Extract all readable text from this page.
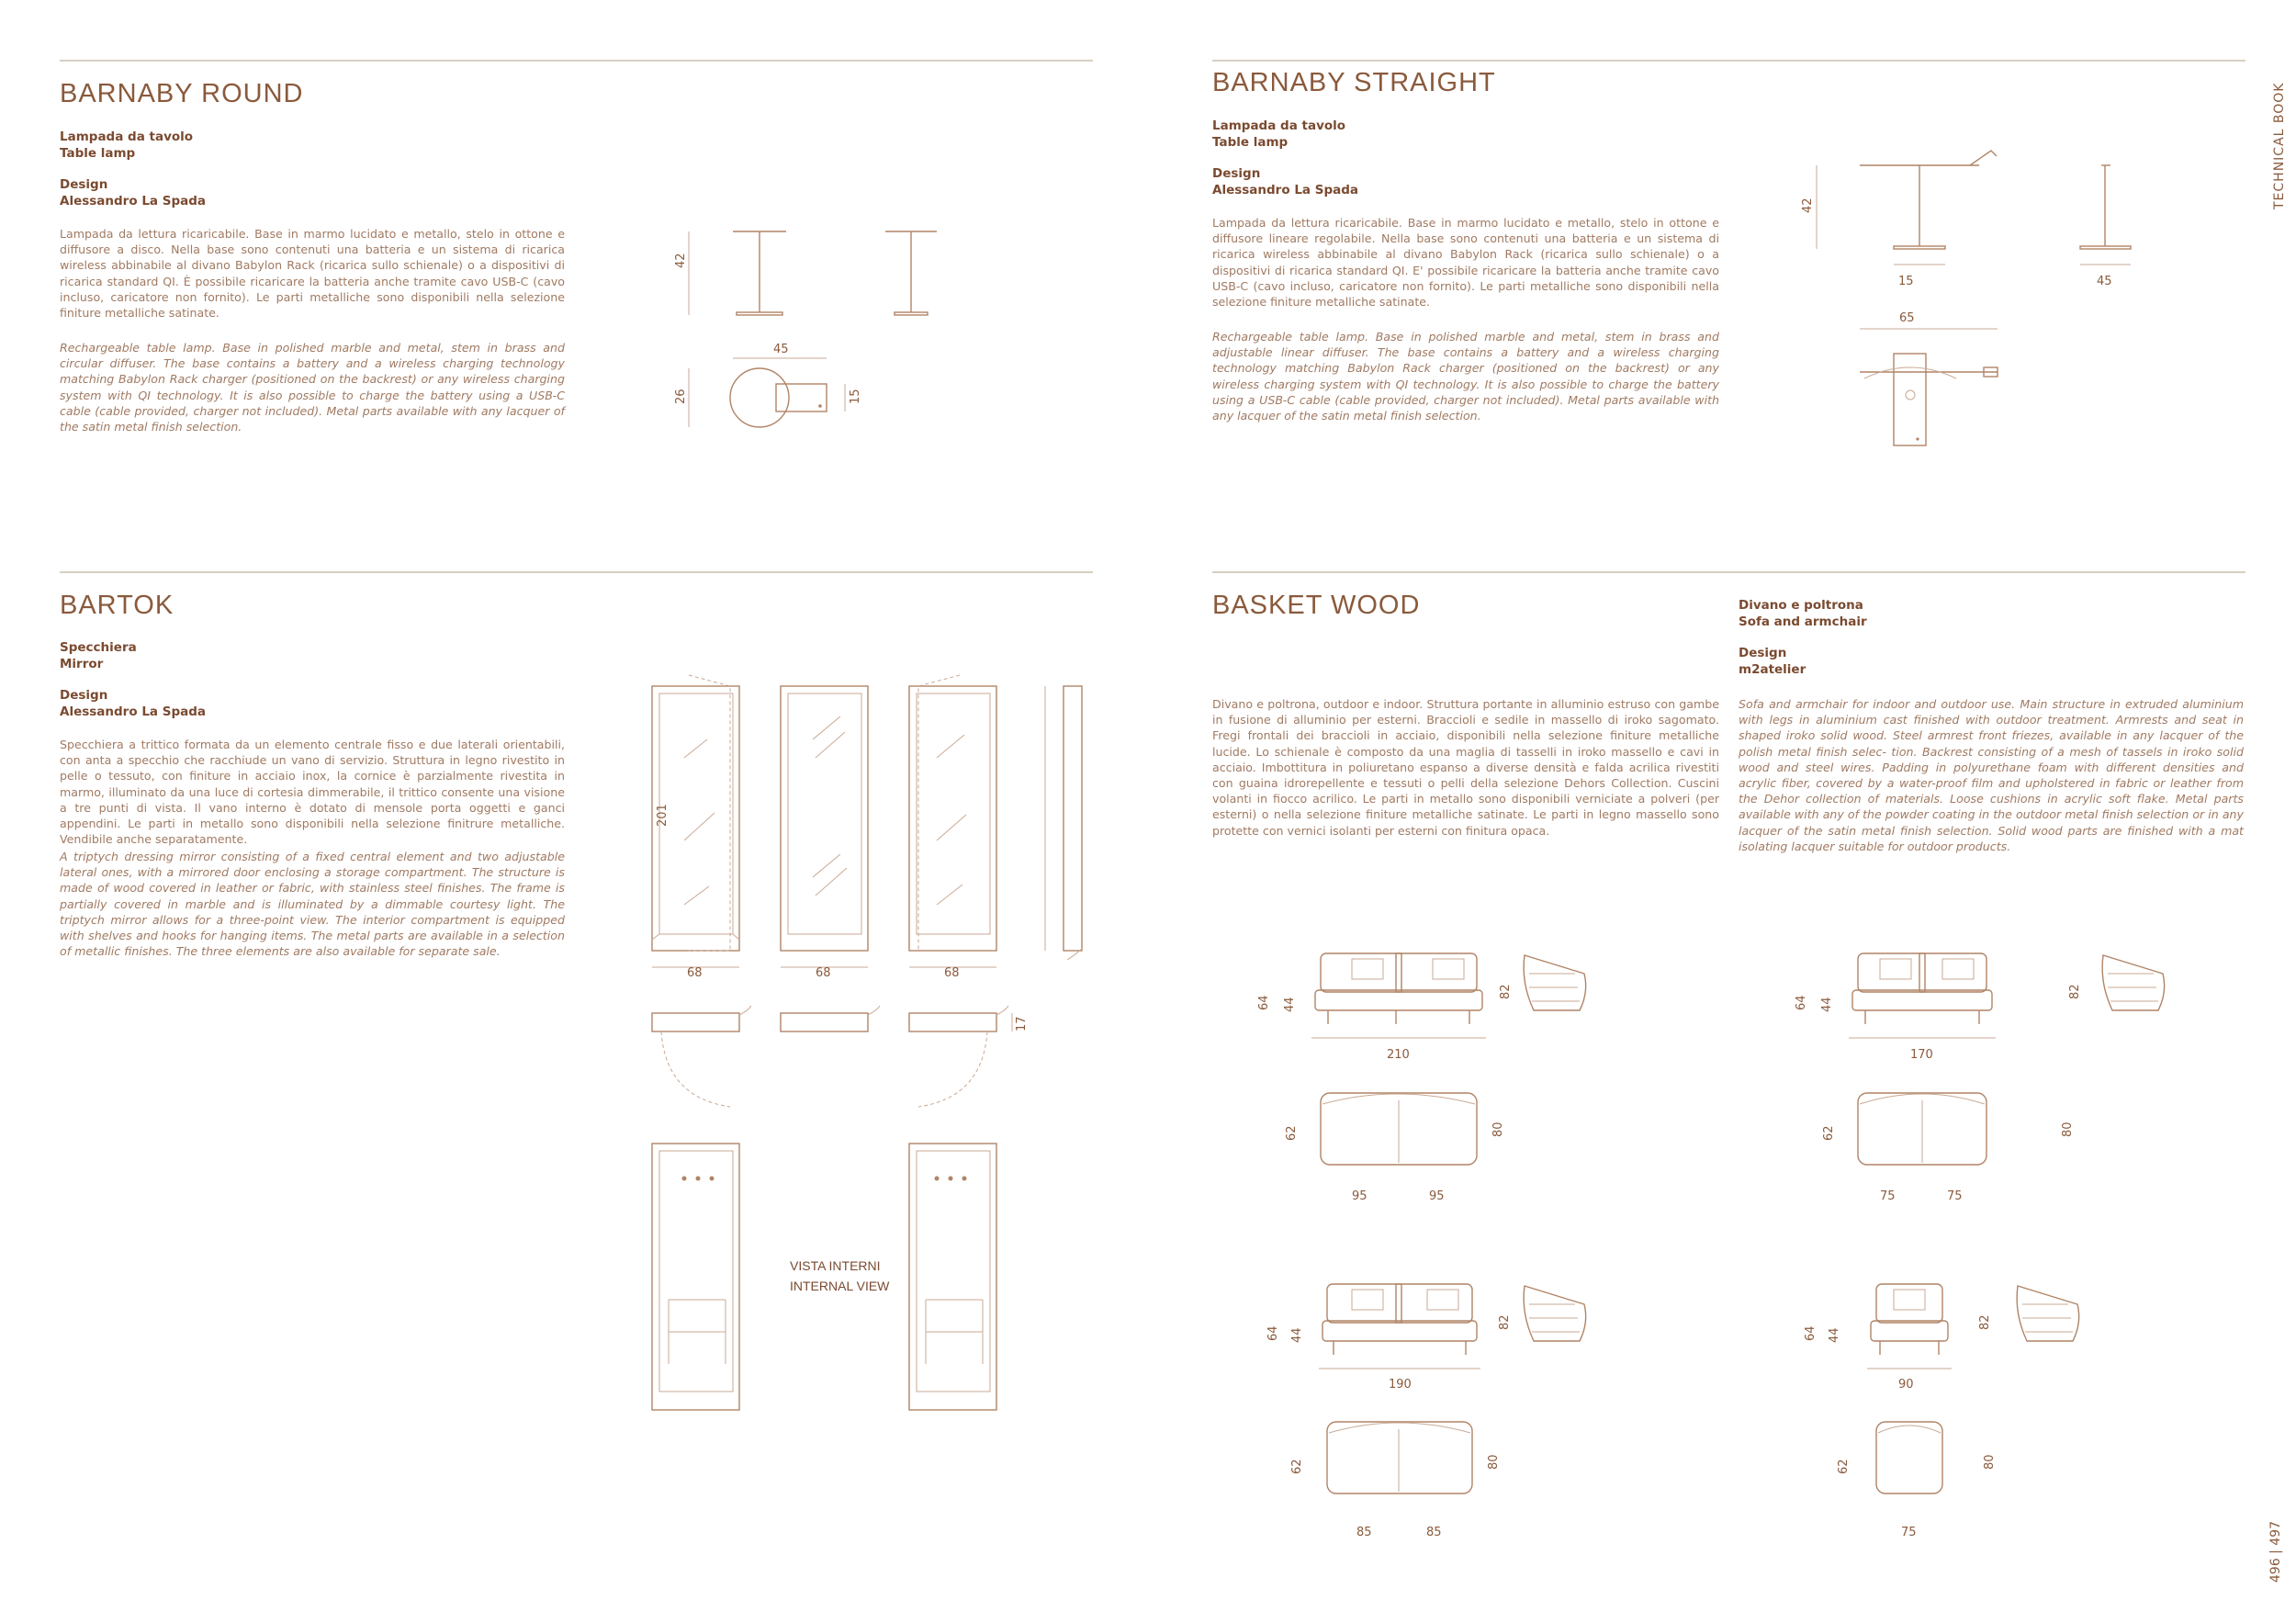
TECHNICAL BOOK
496 | 497
BARNABY ROUND
Lampada da tavolo
Table lamp
Design
Alessandro La Spada

Lampada da lettura ricaricabile. Base in marmo lucidato e metallo, stelo in ottone e diffusore a disco. Nella base sono contenuti una batteria e un sistema di ricarica wireless abbinabile al divano Babylon Rack (ricarica sullo schienale) o a dispositivi di ricarica standard QI. È possibile ricaricare la batteria anche tramite cavo USB-C (cavo incluso, caricatore non fornito). Le parti metalliche sono disponibili nella selezione finiture metalliche satinate.

Rechargeable table lamp. Base in polished marble and metal, stem in brass and circular diffuser. The base contains a battery and a wireless charging technology matching Babylon Rack charger (positioned on the backrest) or any wireless charging system with QI technology. It is also possible to charge the battery using a USB-C cable (cable provided, charger not included). Metal parts available with any lacquer of the satin metal finish selection.

42
45
26	15
BARNABY STRAIGHT
Lampada da tavolo
Table lamp
Design
Alessandro La Spada

Lampada da lettura ricaricabile. Base in marmo lucidato e metallo, stelo in ottone e diffusore lineare regolabile. Nella base sono contenuti una batteria e un sistema di ricarica wireless abbinabile al divano Babylon Rack (ricarica sullo schienale) o a dispositivi di ricarica standard QI. E' possibile ricaricare la batteria anche tramite cavo USB-C (cavo incluso, caricatore non fornito). Le parti metalliche sono disponibili nella selezione finiture metalliche satinate.

Rechargeable table lamp. Base in polished marble and metal, stem in brass and adjustable linear diffuser. The base contains a battery and a wireless charging technology matching Babylon Rack charger (positioned on the backrest) or any wireless charging system with QI technology. It is also possible to charge the battery using a USB-C cable (cable provided, charger not included). Metal parts available with any lacquer of the satin metal finish selection.

42
15	45
65
BARTOK
Specchiera
Mirror
Design
Alessandro La Spada

Specchiera a trittico formata da un elemento centrale fisso e due laterali orientabili, con anta a specchio che racchiude un vano di servizio. Struttura in legno rivestito in pelle o tessuto, con finiture in acciaio inox, la cornice è parzialmente rivestita in marmo, illuminato da una luce di cortesia dimmerabile, il trittico consente una visione a tre punti di vista. Il vano interno è dotato di mensole porta oggetti e ganci appendini. Le parti in metallo sono disponibili nella selezione finitrure metalliche. Vendibile anche separatamente.

A triptych dressing mirror consisting of a fixed central element and two adjustable lateral ones, with a mirrored door enclosing a storage compartment. The structure is made of wood covered in leather or fabric, with stainless steel finishes. The frame is partially covered in marble and is illuminated by a dimmable courtesy light. The triptych mirror allows for a three-point view. The interior compartment is equipped with shelves and hooks for hanging items. The metal parts are available in a selection of metallic finishes. The three elements are also available for separate sale.

201
68	68	68
17
VISTA INTERNI
INTERNAL VIEW
BASKET WOOD	Divano e poltrona
Sofa and armchair
Design
m2atelier

Divano e poltrona, outdoor e indoor. Struttura portante in alluminio estruso con gambe in fusione di alluminio per esterni. Braccioli e sedile in massello di iroko sagomato. Fregi frontali dei braccioli in acciaio, disponibili nella selezione finiture metalliche lucide. Lo schienale è composto da una maglia di tasselli in iroko massello e cavi in acciaio. Imbottitura in poliuretano espanso a diverse densità e falda acrilica rivestiti con guaina idrorepellente e tessuti o pelli della selezione Dehors Collection. Cuscini volanti in fiocco acrilico. Le parti in metallo sono disponibili verniciate a polveri (per esterni) o nella selezione finiture metalliche satinate. Le parti in legno massello sono protette con vernici isolanti per esterni con finitura opaca.

Sofa and armchair for indoor and outdoor use. Main structure in extruded aluminium with legs in aluminium cast finished with outdoor treatment. Armrests and seat in shaped iroko solid wood. Steel armrest front friezes, available in any lacquer of the polish metal finish selec- tion. Backrest consisting of a mesh of tassels in iroko solid wood and steel wires. Padding in polyurethane foam with different densities and acrylic fiber, covered by a water-proof film and upholstered in fabric or leather from the Dehor collection of materials. Loose cushions in acrylic soft flake. Metal parts available with any of the powder coating in the outdoor metal finish selection or in any lacquer of the satin metal finish selection. Solid wood parts are finished with a mat isolating lacquer suitable for outdoor products.

210
64 44
82
62	80
95	95
170
64 44
82
62	80
75	75
190
64 44
82
62	80
85	85
90
64 44
82
62	80
75
